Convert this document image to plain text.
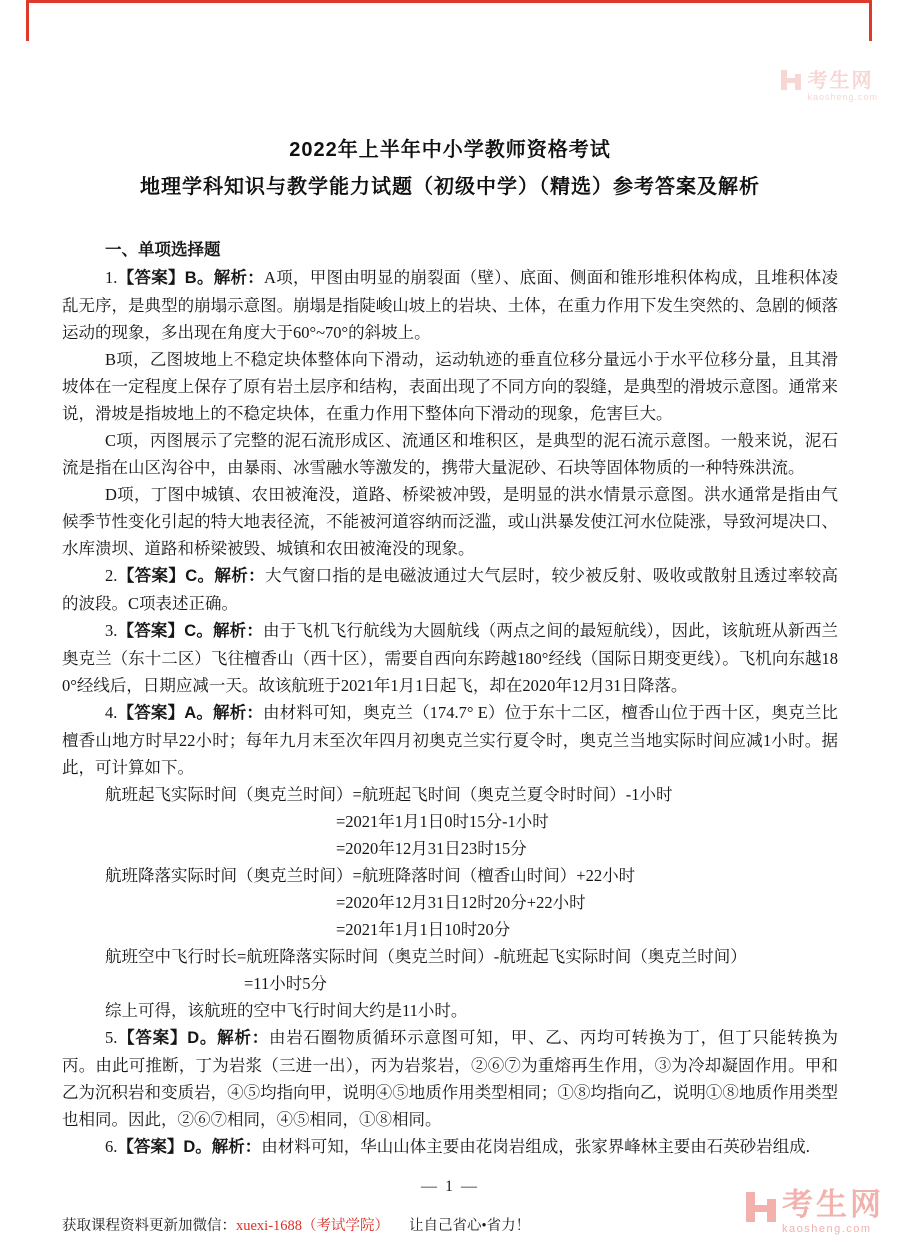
考生网
kaosheng.com
2022年上半年中小学教师资格考试
地理学科知识与教学能力试题（初级中学）（精选）参考答案及解析

一、单项选择题

1.【答案】B。解析：A项，甲图由明显的崩裂面（壁）、底面、侧面和锥形堆积体构成，且堆积体凌乱无序，是典型的崩塌示意图。崩塌是指陡峻山坡上的岩块、土体，在重力作用下发生突然的、急剧的倾落运动的现象，多出现在角度大于60°~70°的斜坡上。

B项，乙图坡地上不稳定块体整体向下滑动，运动轨迹的垂直位移分量远小于水平位移分量，且其滑坡体在一定程度上保存了原有岩土层序和结构，表面出现了不同方向的裂缝，是典型的滑坡示意图。通常来说，滑坡是指坡地上的不稳定块体，在重力作用下整体向下滑动的现象，危害巨大。

C项，丙图展示了完整的泥石流形成区、流通区和堆积区，是典型的泥石流示意图。一般来说，泥石流是指在山区沟谷中，由暴雨、冰雪融水等激发的，携带大量泥砂、石块等固体物质的一种特殊洪流。

D项，丁图中城镇、农田被淹没，道路、桥梁被冲毁，是明显的洪水情景示意图。洪水通常是指由气候季节性变化引起的特大地表径流，不能被河道容纳而泛滥，或山洪暴发使江河水位陡涨，导致河堤决口、水库溃坝、道路和桥梁被毁、城镇和农田被淹没的现象。

2.【答案】C。解析：大气窗口指的是电磁波通过大气层时，较少被反射、吸收或散射且透过率较高的波段。C项表述正确。

3.【答案】C。解析：由于飞机飞行航线为大圆航线（两点之间的最短航线），因此，该航班从新西兰奥克兰（东十二区）飞往檀香山（西十区），需要自西向东跨越180°经线（国际日期变更线）。飞机向东越180°经线后，日期应减一天。故该航班于2021年1月1日起飞，却在2020年12月31日降落。

4.【答案】A。解析：由材料可知，奥克兰（174.7° E）位于东十二区，檀香山位于西十区，奥克兰比檀香山地方时早22小时；每年九月末至次年四月初奥克兰实行夏令时，奥克兰当地实际时间应减1小时。据此，可计算如下。

航班起飞实际时间（奥克兰时间）=航班起飞时间（奥克兰夏令时时间）-1小时

=2021年1月1日0时15分-1小时

=2020年12月31日23时15分

航班降落实际时间（奥克兰时间）=航班降落时间（檀香山时间）+22小时

=2020年12月31日12时20分+22小时

=2021年1月1日10时20分

航班空中飞行时长=航班降落实际时间（奥克兰时间）-航班起飞实际时间（奥克兰时间）

=11小时5分

综上可得，该航班的空中飞行时间大约是11小时。

5.【答案】D。解析：由岩石圈物质循环示意图可知，甲、乙、丙均可转换为丁，但丁只能转换为丙。由此可推断，丁为岩浆（三进一出），丙为岩浆岩，②⑥⑦为重熔再生作用，③为冷却凝固作用。甲和乙为沉积岩和变质岩，④⑤均指向甲，说明④⑤地质作用类型相同；①⑧均指向乙，说明①⑧地质作用类型也相同。因此，②⑥⑦相同，④⑤相同，①⑧相同。

6.【答案】D。解析：由材料可知，华山山体主要由花岗岩组成，张家界峰林主要由石英砂岩组成.

— 1 —
获取课程资料更新加微信：xuexi-1688（考试学院） 让自己省心•省力！
考生网
kaosheng.com
